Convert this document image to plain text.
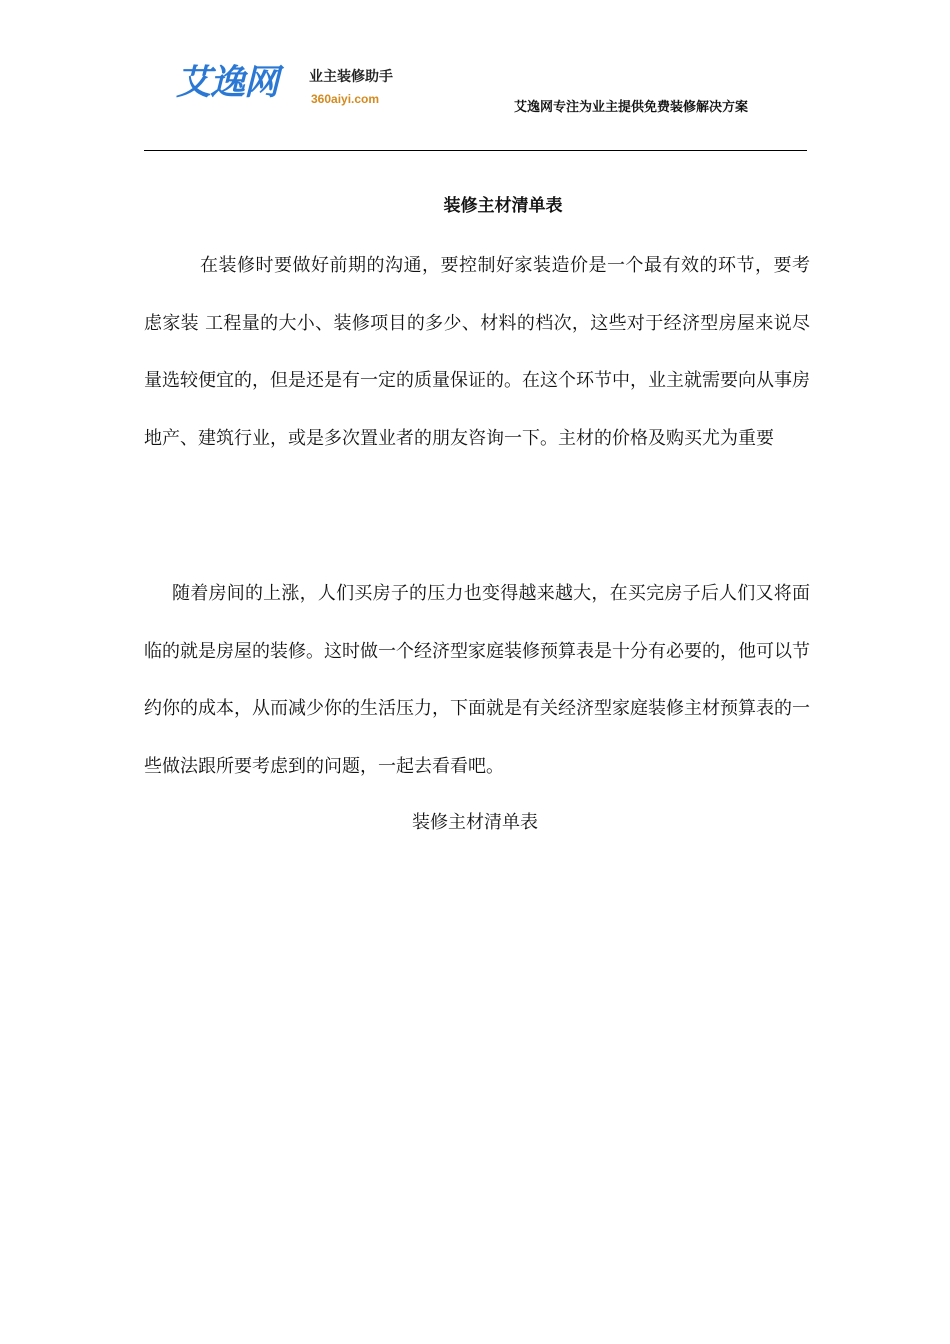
艾逸网 业主装修助手
360aiyi.com
艾逸网专注为业主提供免费装修解决方案
装修主材清单表

在装修时要做好前期的沟通，要控制好家装造价是一个最有效的环节，要考虑家装 工程量的大小、装修项目的多少、材料的档次，这些对于经济型房屋来说尽量选较便宜的，但是还是有一定的质量保证的。在这个环节中，业主就需要向从事房地产、建筑行业，或是多次置业者的朋友咨询一下。主材的价格及购买尤为重要

随着房间的上涨，人们买房子的压力也变得越来越大，在买完房子后人们又将面临的就是房屋的装修。这时做一个经济型家庭装修预算表是十分有必要的，他可以节约你的成本，从而减少你的生活压力，下面就是有关经济型家庭装修主材预算表的一些做法跟所要考虑到的问题，一起去看看吧。

装修主材清单表
